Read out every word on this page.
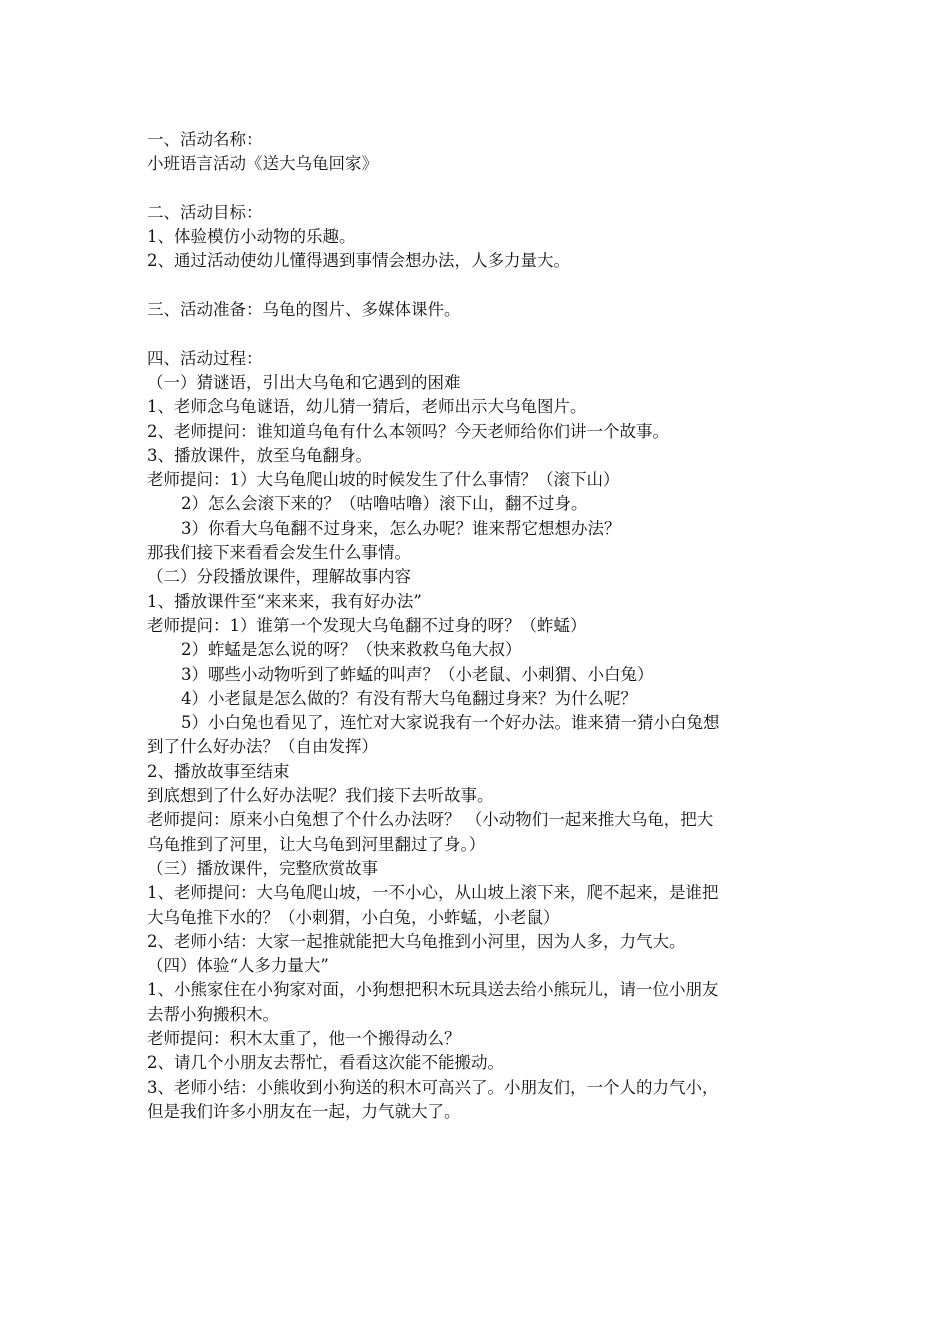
一、活动名称：
小班语言活动《送大乌龟回家》
二、活动目标：
1、体验模仿小动物的乐趣。
2、通过活动使幼儿懂得遇到事情会想办法，人多力量大。
三、活动准备：乌龟的图片、多媒体课件。
四、活动过程：
（一）猜谜语，引出大乌龟和它遇到的困难
1、老师念乌龟谜语，幼儿猜一猜后，老师出示大乌龟图片。
2、老师提问：谁知道乌龟有什么本领吗？今天老师给你们讲一个故事。
3、播放课件，放至乌龟翻身。
老师提问：1）大乌龟爬山坡的时候发生了什么事情？（滚下山）
2）怎么会滚下来的？（咕噜咕噜）滚下山，翻不过身。
3）你看大乌龟翻不过身来，怎么办呢？谁来帮它想想办法？
那我们接下来看看会发生什么事情。
（二）分段播放课件，理解故事内容
1、播放课件至“来来来，我有好办法”
老师提问：1）谁第一个发现大乌龟翻不过身的呀？（蚱蜢）
2）蚱蜢是怎么说的呀？（快来救救乌龟大叔）
3）哪些小动物听到了蚱蜢的叫声？（小老鼠、小刺猬、小白兔）
4）小老鼠是怎么做的？有没有帮大乌龟翻过身来？为什么呢？
5）小白兔也看见了，连忙对大家说我有一个好办法。谁来猜一猜小白兔想
到了什么好办法？（自由发挥）
2、播放故事至结束
到底想到了什么好办法呢？我们接下去听故事。
老师提问：原来小白兔想了个什么办法呀？ （小动物们一起来推大乌龟，把大
乌龟推到了河里，让大乌龟到河里翻过了身。）
（三）播放课件，完整欣赏故事
1、老师提问：大乌龟爬山坡，一不小心，从山坡上滚下来，爬不起来，是谁把
大乌龟推下水的？（小刺猬，小白兔，小蚱蜢，小老鼠）
2、老师小结：大家一起推就能把大乌龟推到小河里，因为人多，力气大。
（四）体验“人多力量大”
1、小熊家住在小狗家对面，小狗想把积木玩具送去给小熊玩儿，请一位小朋友
去帮小狗搬积木。
老师提问：积木太重了，他一个搬得动么？
2、请几个小朋友去帮忙，看看这次能不能搬动。
3、老师小结：小熊收到小狗送的积木可高兴了。小朋友们，一个人的力气小，
但是我们许多小朋友在一起，力气就大了。
